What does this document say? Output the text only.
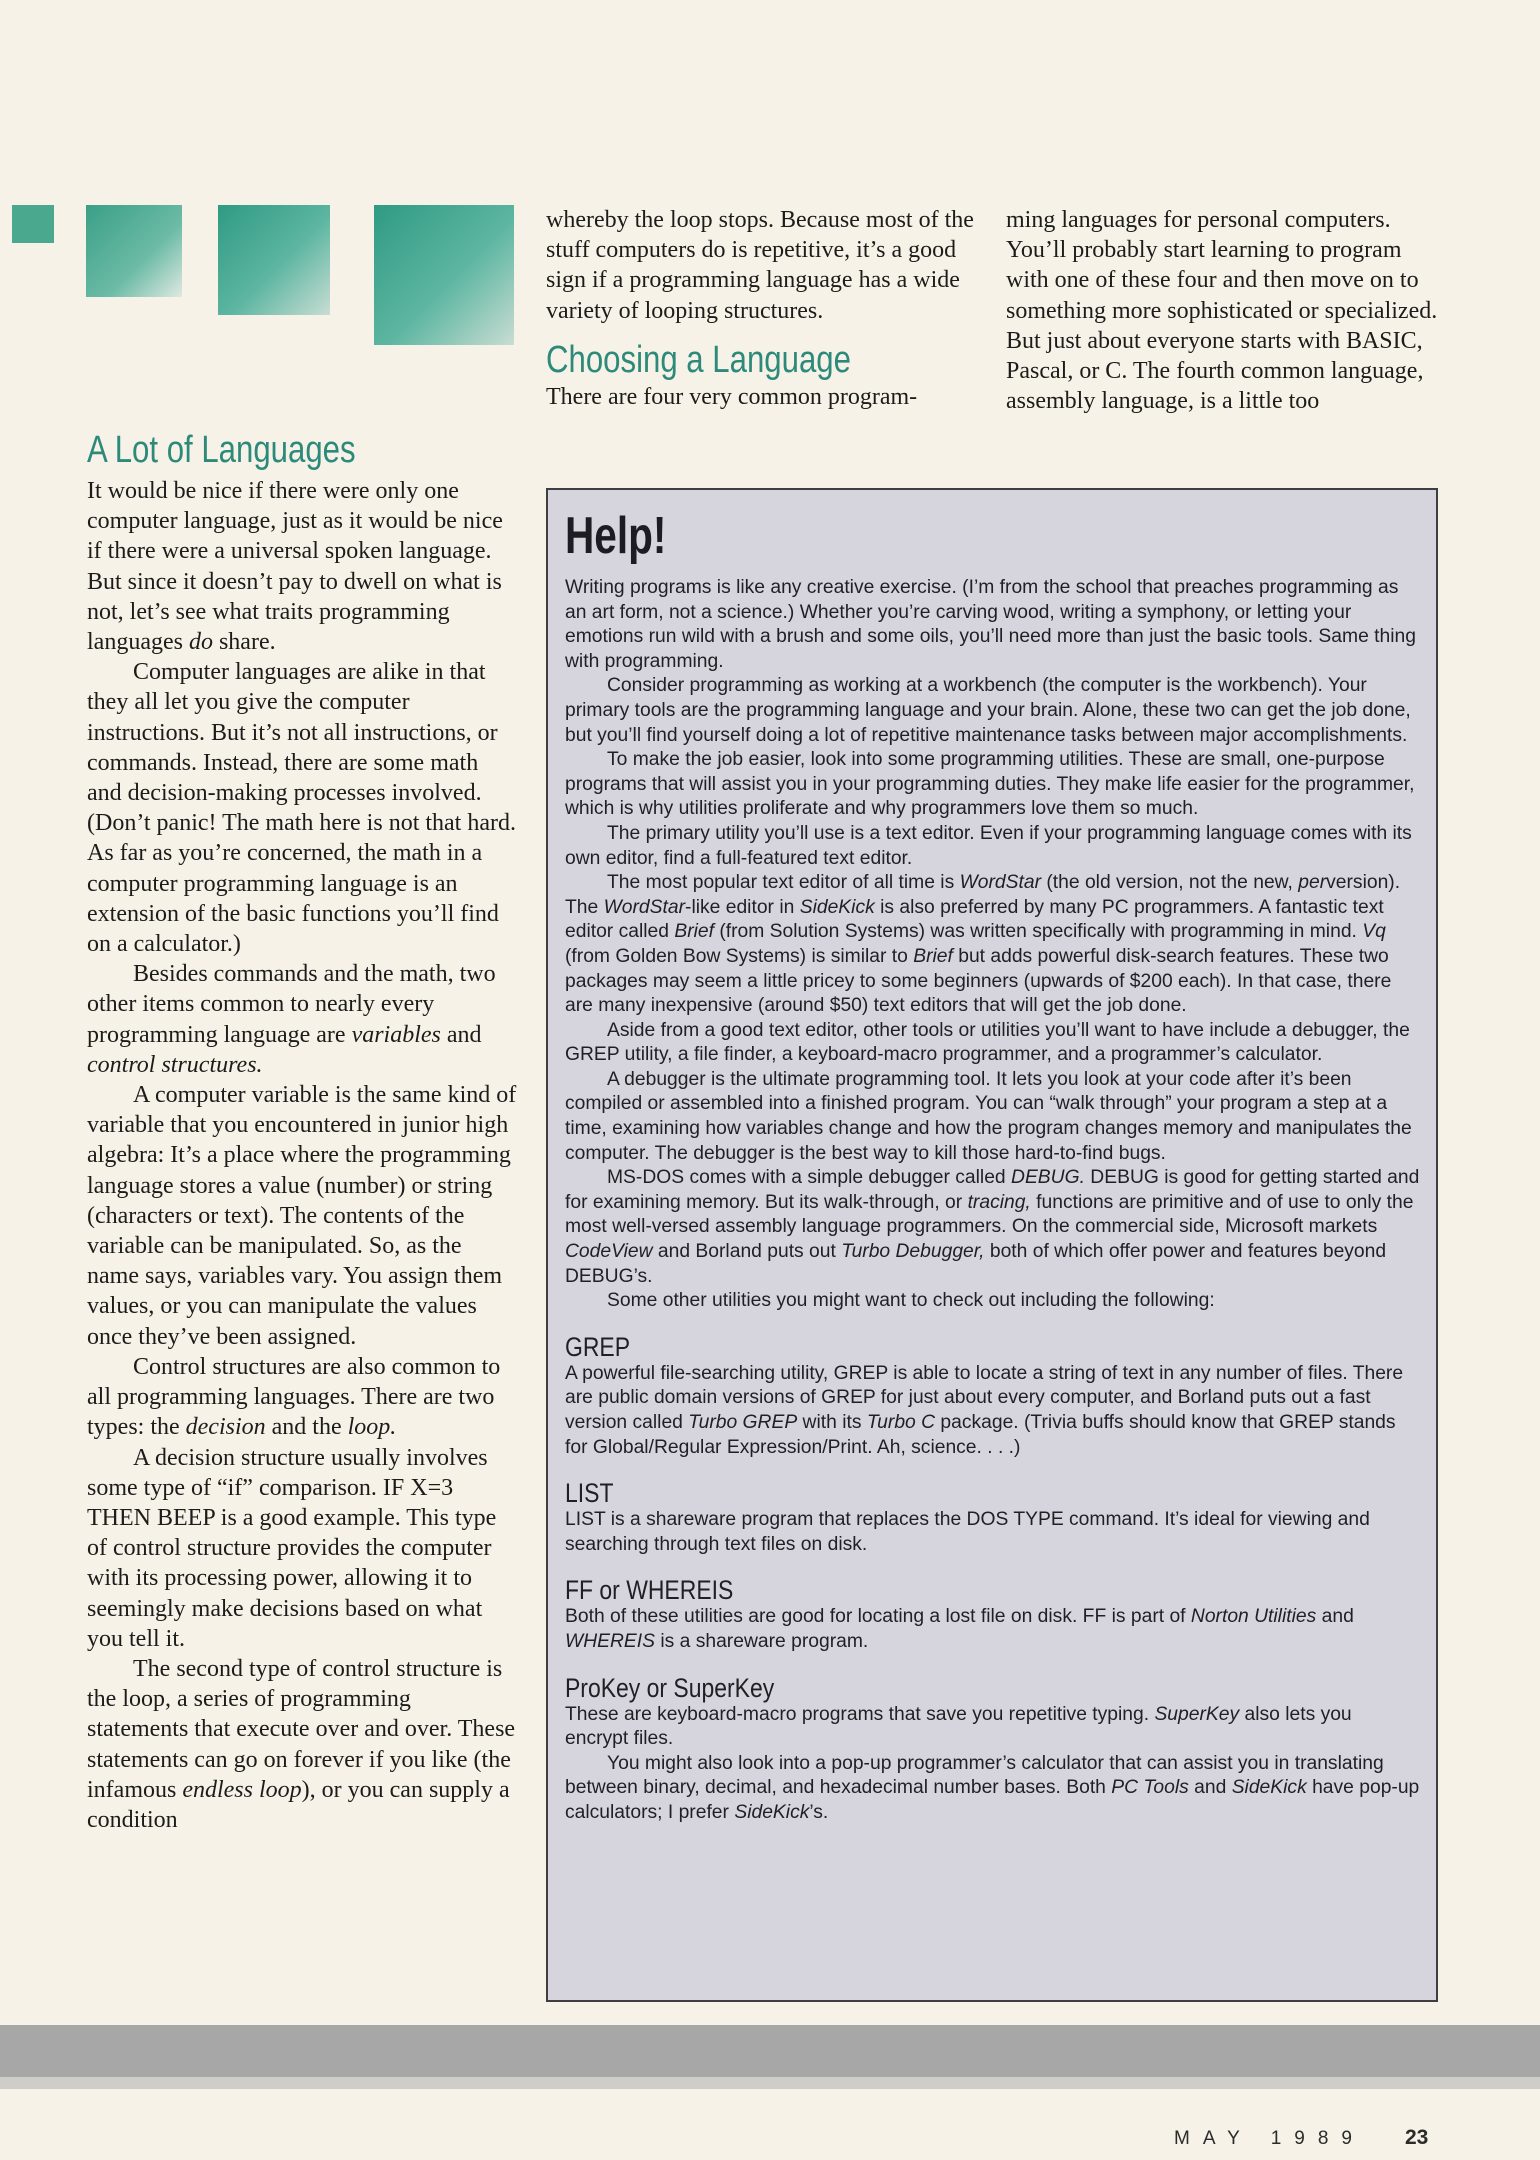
A Lot of Languages

It would be nice if there were only one computer language, just as it would be nice if there were a universal spoken language. But since it doesn’t pay to dwell on what is not, let’s see what traits programming languages do share.

Computer languages are alike in that they all let you give the computer instructions. But it’s not all instructions, or commands. Instead, there are some math and decision-making processes involved. (Don’t panic! The math here is not that hard. As far as you’re concerned, the math in a computer programming language is an extension of the basic functions you’ll find on a calculator.)

Besides commands and the math, two other items common to nearly every programming language are variables and control structures.

A computer variable is the same kind of variable that you encountered in junior high algebra: It’s a place where the programming language stores a value (number) or string (characters or text). The contents of the variable can be manipulated. So, as the name says, variables vary. You assign them values, or you can manipulate the values once they’ve been assigned.

Control structures are also common to all programming languages. There are two types: the decision and the loop.

A decision structure usually involves some type of “if” comparison. IF X=3 THEN BEEP is a good example. This type of control structure provides the computer with its processing power, allowing it to seemingly make decisions based on what you tell it.

The second type of control structure is the loop, a series of programming statements that execute over and over. These statements can go on forever if you like (the infamous endless loop), or you can supply a condition

whereby the loop stops. Because most of the stuff computers do is repetitive, it’s a good sign if a programming language has a wide variety of looping structures.

Choosing a Language

There are four very common program-

ming languages for personal computers. You’ll probably start learning to program with one of these four and then move on to something more sophisticated or specialized. But just about everyone starts with BASIC, Pascal, or C. The fourth common language, assembly language, is a little too

Help!

Writing programs is like any creative exercise. (I’m from the school that preaches programming as an art form, not a science.) Whether you’re carving wood, writing a symphony, or letting your emotions run wild with a brush and some oils, you’ll need more than just the basic tools. Same thing with programming.

Consider programming as working at a workbench (the computer is the workbench). Your primary tools are the programming language and your brain. Alone, these two can get the job done, but you’ll find yourself doing a lot of repetitive maintenance tasks between major accomplishments.

To make the job easier, look into some programming utilities. These are small, one-purpose programs that will assist you in your programming duties. They make life easier for the programmer, which is why utilities proliferate and why programmers love them so much.

The primary utility you’ll use is a text editor. Even if your programming language comes with its own editor, find a full-featured text editor.

The most popular text editor of all time is WordStar (the old version, not the new, perversion). The WordStar-like editor in SideKick is also preferred by many PC programmers. A fantastic text editor called Brief (from Solution Systems) was written specifically with programming in mind. Vq (from Golden Bow Systems) is similar to Brief but adds powerful disk-search features. These two packages may seem a little pricey to some beginners (upwards of $200 each). In that case, there are many inexpensive (around $50) text editors that will get the job done.

Aside from a good text editor, other tools or utilities you’ll want to have include a debugger, the GREP utility, a file finder, a keyboard-macro programmer, and a programmer’s calculator.

A debugger is the ultimate programming tool. It lets you look at your code after it’s been compiled or assembled into a finished program. You can “walk through” your program a step at a time, examining how variables change and how the program changes memory and manipulates the computer. The debugger is the best way to kill those hard-to-find bugs.

MS-DOS comes with a simple debugger called DEBUG. DEBUG is good for getting started and for examining memory. But its walk-through, or tracing, functions are primitive and of use to only the most well-versed assembly language programmers. On the commercial side, Microsoft markets CodeView and Borland puts out Turbo Debugger, both of which offer power and features beyond DEBUG’s.

Some other utilities you might want to check out including the following:

GREP

A powerful file-searching utility, GREP is able to locate a string of text in any number of files. There are public domain versions of GREP for just about every computer, and Borland puts out a fast version called Turbo GREP with its Turbo C package. (Trivia buffs should know that GREP stands for Global/Regular Expression/Print. Ah, science. . . .)

LIST

LIST is a shareware program that replaces the DOS TYPE command. It’s ideal for viewing and searching through text files on disk.

FF or WHEREIS

Both of these utilities are good for locating a lost file on disk. FF is part of Norton Utilities and WHEREIS is a shareware program.

ProKey or SuperKey

These are keyboard-macro programs that save you repetitive typing. SuperKey also lets you encrypt files.

You might also look into a pop-up programmer’s calculator that can assist you in translating between binary, decimal, and hexadecimal number bases. Both PC Tools and SideKick have pop-up calculators; I prefer SideKick’s.

MAY 1989 23
